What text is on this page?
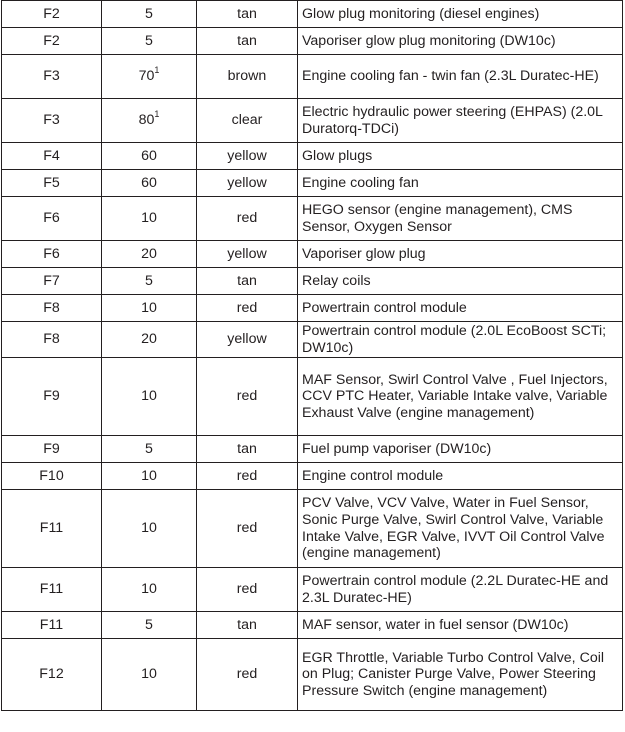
F2	5	tan	Glow plug monitoring (diesel engines)
F2	5	tan	Vaporiser glow plug monitoring (DW10c)
F3	70$^1$	brown	Engine cooling fan - twin fan (2.3L Duratec-HE)
F3	80$^1$	clear	Electric hydraulic power steering (EHPAS) (2.0L Duratorq-TDCi)
F4	60	yellow	Glow plugs
F5	60	yellow	Engine cooling fan
F6	10	red	HEGO sensor (engine management), CMS Sensor, Oxygen Sensor
F6	20	yellow	Vaporiser glow plug
F7	5	tan	Relay coils
F8	10	red	Powertrain control module
F8	20	yellow	Powertrain control module (2.0L EcoBoost SCTi; DW10c)
F9	10	red	MAF Sensor, Swirl Control Valve , Fuel Injectors, CCV PTC Heater, Variable Intake valve, Variable Exhaust Valve (engine management)
F9	5	tan	Fuel pump vaporiser (DW10c)
F10	10	red	Engine control module
F11	10	red	PCV Valve, VCV Valve, Water in Fuel Sensor, Sonic Purge Valve, Swirl Control Valve, Variable Intake Valve, EGR Valve, IVVT Oil Control Valve (engine management)
F11	10	red	Powertrain control module (2.2L Duratec-HE and 2.3L Duratec-HE)
F11	5	tan	MAF sensor, water in fuel sensor (DW10c)
F12	10	red	EGR Throttle, Variable Turbo Control Valve, Coil on Plug; Canister Purge Valve, Power Steering Pressure Switch (engine management)
